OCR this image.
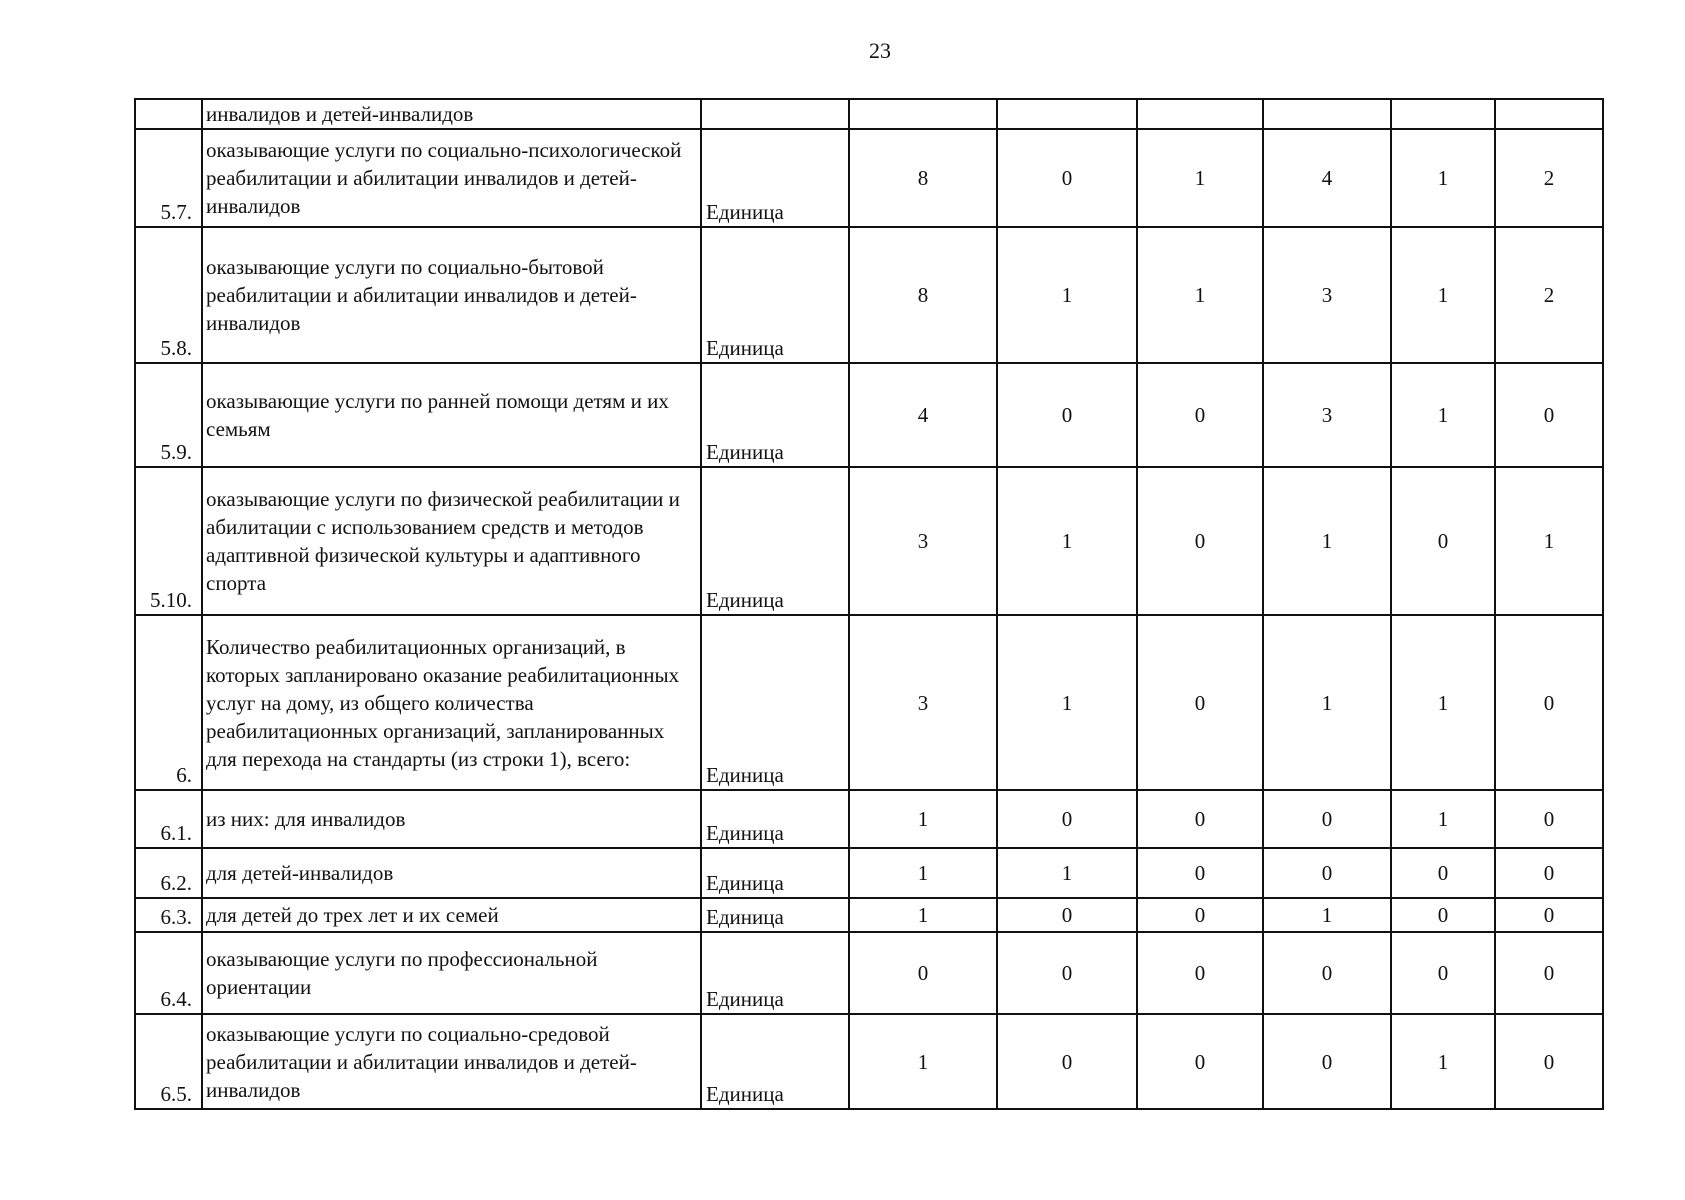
23
	инвалидов и детей-инвалидов							
5.7.	оказывающие услуги по социально-психологической реабилитации и абилитации инвалидов и детей-инвалидов	Единица	8	0	1	4	1	2
5.8.	оказывающие услуги по социально-бытовой реабилитации и абилитации инвалидов и детей-инвалидов	Единица	8	1	1	3	1	2
5.9.	оказывающие услуги по ранней помощи детям и их семьям	Единица	4	0	0	3	1	0
5.10.	оказывающие услуги по физической реабилитации и абилитации с использованием средств и методов адаптивной физической культуры и адаптивного спорта	Единица	3	1	0	1	0	1
6.	Количество реабилитационных организаций, в которых запланировано оказание реабилитационных услуг на дому, из общего количества реабилитационных организаций, запланированных для перехода на стандарты (из строки 1), всего:	Единица	3	1	0	1	1	0
6.1.	из них: для инвалидов	Единица	1	0	0	0	1	0
6.2.	для детей-инвалидов	Единица	1	1	0	0	0	0
6.3.	для детей до трех лет и их семей	Единица	1	0	0	1	0	0
6.4.	оказывающие услуги по профессиональной ориентации	Единица	0	0	0	0	0	0
6.5.	оказывающие услуги по социально-средовой реабилитации и абилитации инвалидов и детей-инвалидов	Единица	1	0	0	0	1	0
